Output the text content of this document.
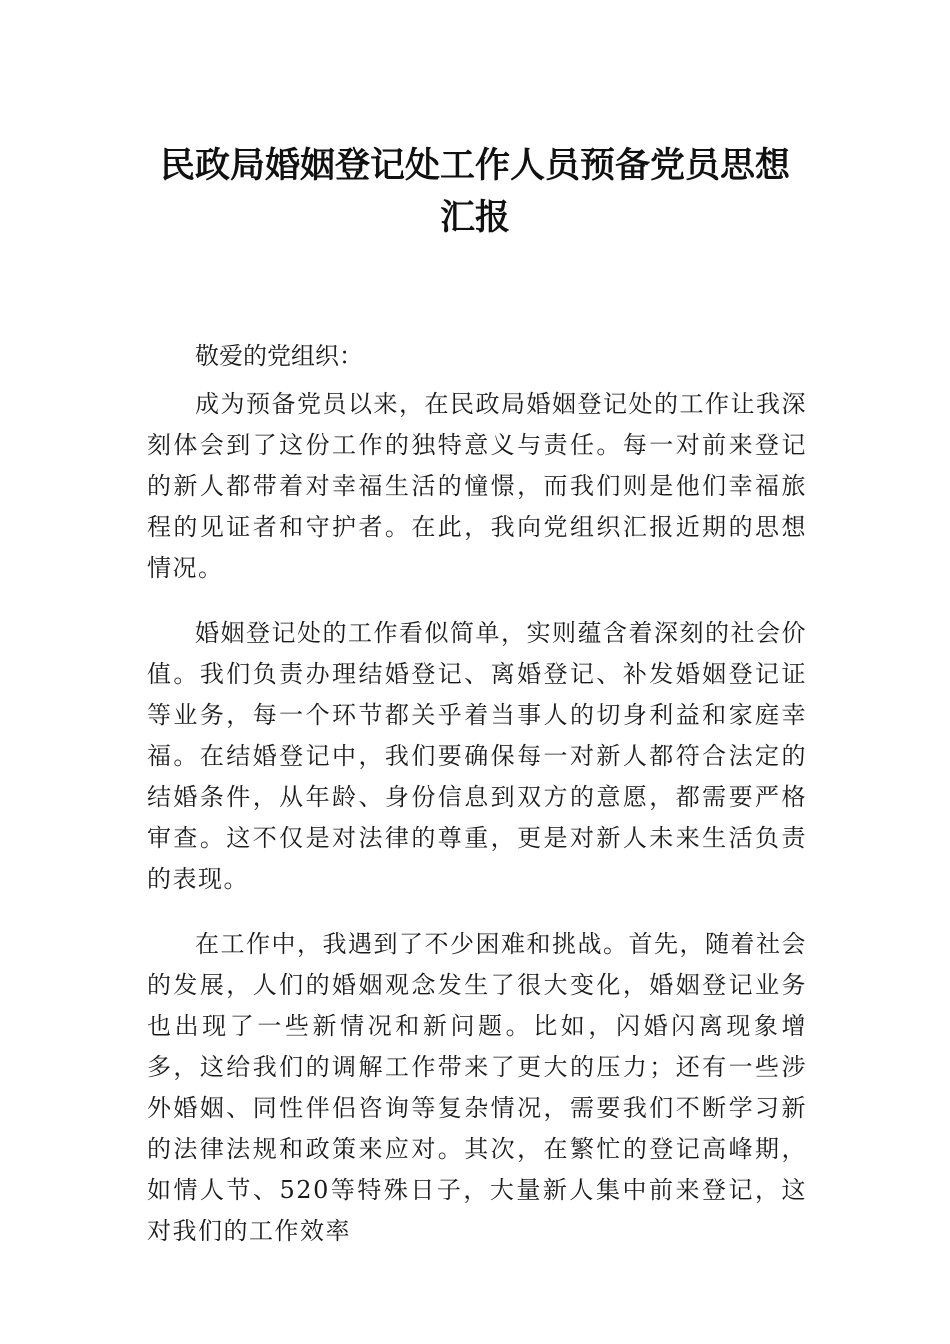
民政局婚姻登记处工作人员预备党员思想汇报

敬爱的党组织：

成为预备党员以来，在民政局婚姻登记处的工作让我深刻体会到了这份工作的独特意义与责任。每一对前来登记的新人都带着对幸福生活的憧憬，而我们则是他们幸福旅程的见证者和守护者。在此，我向党组织汇报近期的思想情况。

婚姻登记处的工作看似简单，实则蕴含着深刻的社会价值。我们负责办理结婚登记、离婚登记、补发婚姻登记证等业务，每一个环节都关乎着当事人的切身利益和家庭幸福。在结婚登记中，我们要确保每一对新人都符合法定的结婚条件，从年龄、身份信息到双方的意愿，都需要严格审查。这不仅是对法律的尊重，更是对新人未来生活负责的表现。

在工作中，我遇到了不少困难和挑战。首先，随着社会的发展，人们的婚姻观念发生了很大变化，婚姻登记业务也出现了一些新情况和新问题。比如，闪婚闪离现象增多，这给我们的调解工作带来了更大的压力；还有一些涉外婚姻、同性伴侣咨询等复杂情况，需要我们不断学习新的法律法规和政策来应对。其次，在繁忙的登记高峰期，如情人节、520等特殊日子，大量新人集中前来登记，这对我们的工作效率
